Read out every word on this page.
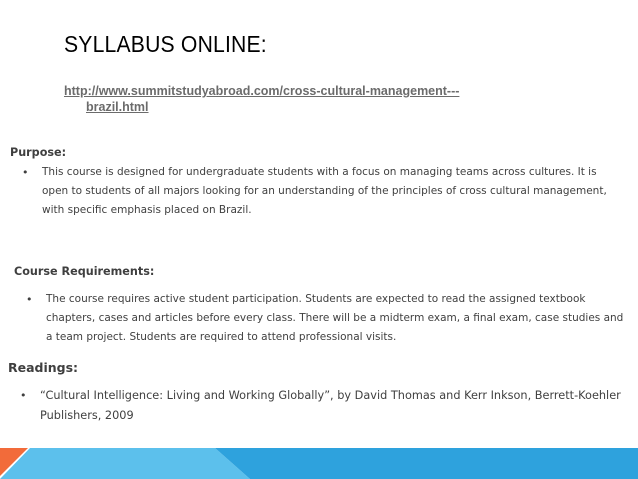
SYLLABUS ONLINE:
http://www.summitstudyabroad.com/cross-cultural-management---
brazil.html
Purpose:
• This course is designed for undergraduate students with a focus on managing teams across cultures. It is
open to students of all majors looking for an understanding of the principles of cross cultural management,
with specific emphasis placed on Brazil.
Course Requirements:
• The course requires active student participation. Students are expected to read the assigned textbook
chapters, cases and articles before every class. There will be a midterm exam, a final exam, case studies and
a team project. Students are required to attend professional visits.
Readings:
• “Cultural Intelligence: Living and Working Globally”, by David Thomas and Kerr Inkson, Berrett-Koehler
Publishers, 2009
